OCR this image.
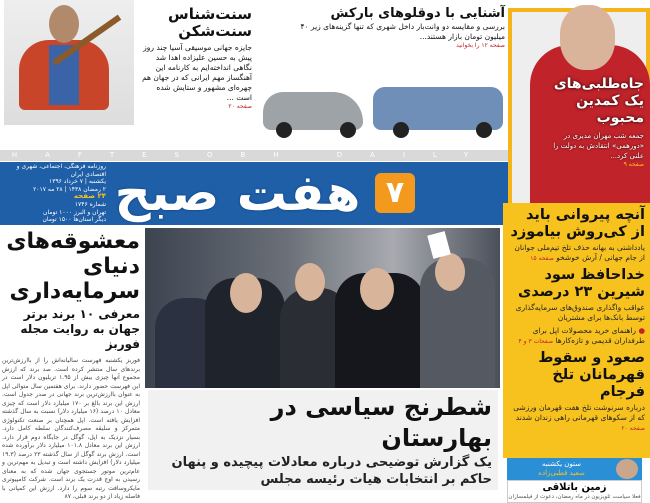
سنت‌شناس
سنت‌شکن
جایزه جهانی موسیقی آسیا چند روز پیش به حسین علیزاده اهدا شد نگاهی انداخته‌ایم به کارنامه این آهنگساز مهم ایرانی که در جهان هم چهره‌ای مشهور و ستایش شده است ...
صفحه ۲۰
آشنایی با دوقلوهای بارکش
بررسی و مقایسه دو وانت‌بار داخل شهری که تنها گزینه‌های زیر ۴۰ میلیون تومان بازار هستند...
صفحه ۱۲ را بخوانید
جاه‌طلبی‌های یک کمدین محبوب
جمعه شب مهران مدیری در «دورهمی» انتقادش به دولت را علنی کرد...
صفحه ۹
HAFTESOBH DAILY
هفت صبح ۷
روزنامه فرهنگی، اجتماعی، شهری و اقتصادی ایران
یکشنبه | ۷ خرداد ۱۳۹۶
۲ رمضان ۱۴۳۸ | ۲۸ مه ۲۰۱۷
۲۴ صفحه
شماره ۱۷۴۶
تهران و البرز ۱۰۰۰ تومان
دیگر استان‌ها ۱۵۰۰ تومان
معشوقه‌های دنیای سرمایه‌داری
معرفی ۱۰ برند برتر جهان به روایت مجله فوربز
فوربز یکشنبه فهرست سالیانه‌اش را از باارزش‌ترین برندهای سال منتشر کرده است. صد برند که ارزش مجموع آنها چیزی بیش از ۱.۹۵ تریلیون دلار است در این فهرست حضور دارند. برای هفتمین سال متوالی اپل به عنوان باارزش‌ترین برند جهانی در صدر جدول است. ارزش این برند بالغ بر ۱۷۰ میلیارد دلار است که چیزی معادل ۱۰ درصد (۱۶ میلیارد دلار) نسبت به سال گذشته افزایش یافته است. اپل همچنان بر صنعت تکنولوژی متمرکز و سلیقه مصرف‌کنندگان سلطه کامل دارد. بسیار نزدیک به اپل، گوگل در جایگاه دوم قرار دارد. ارزش این برند معادل ۱۰۱.۸ میلیارد دلار برآورده شده است. ارزش برند گوگل از سال گذشته ۲۳ درصد (۱۹.۳ میلیارد دلار) افزایش داشته است و تبدیل به مهم‌ترین و عام‌ترین موتور جستجوی جهان شده که به معنای رسیدن به اوج قدرت یک برند است. شرکت کامپیوتری مایکروسافت رتبه سوم را دارد. ارزش این کمپانی با فاصله زیاد از دو برند قبلی، ۸۷
شطرنج سیاسی در بهارستان
یک گزارش توضیحی درباره معادلات پیچیده و پنهان حاکم بر انتخابات هیات رئیسه مجلس
آنچه پیروانی باید از کی‌روش بیاموزد
یادداشتی به بهانه حذف تلخ تیم‌ملی جوانان از جام جهانی / آرش خوشخو صفحه ۱۵
خداحافظ سود شیرین ۲۳ درصدی
عواقب واگذاری صندوق‌های سرمایه‌گذاری توسط بانک‌ها برای مشتریان
● راهنمای خرید محصولات اپل برای طرفداران قدیمی و تازه‌کارها صفحات ۳ و ۴
صعود و سقوط قهرمانان تلخ فرجام
درباره سرنوشت تلخ هفت قهرمان ورزشی که از سکوهای قهرمانی راهی زندان شدند صفحه ۲۰
ستون یکشنبه
سعید قطبی‌زاده
زمین باتلاقی
فعلاً سیاست تلویزیون در ماه رمضان، دعوت از فیلمسازان
